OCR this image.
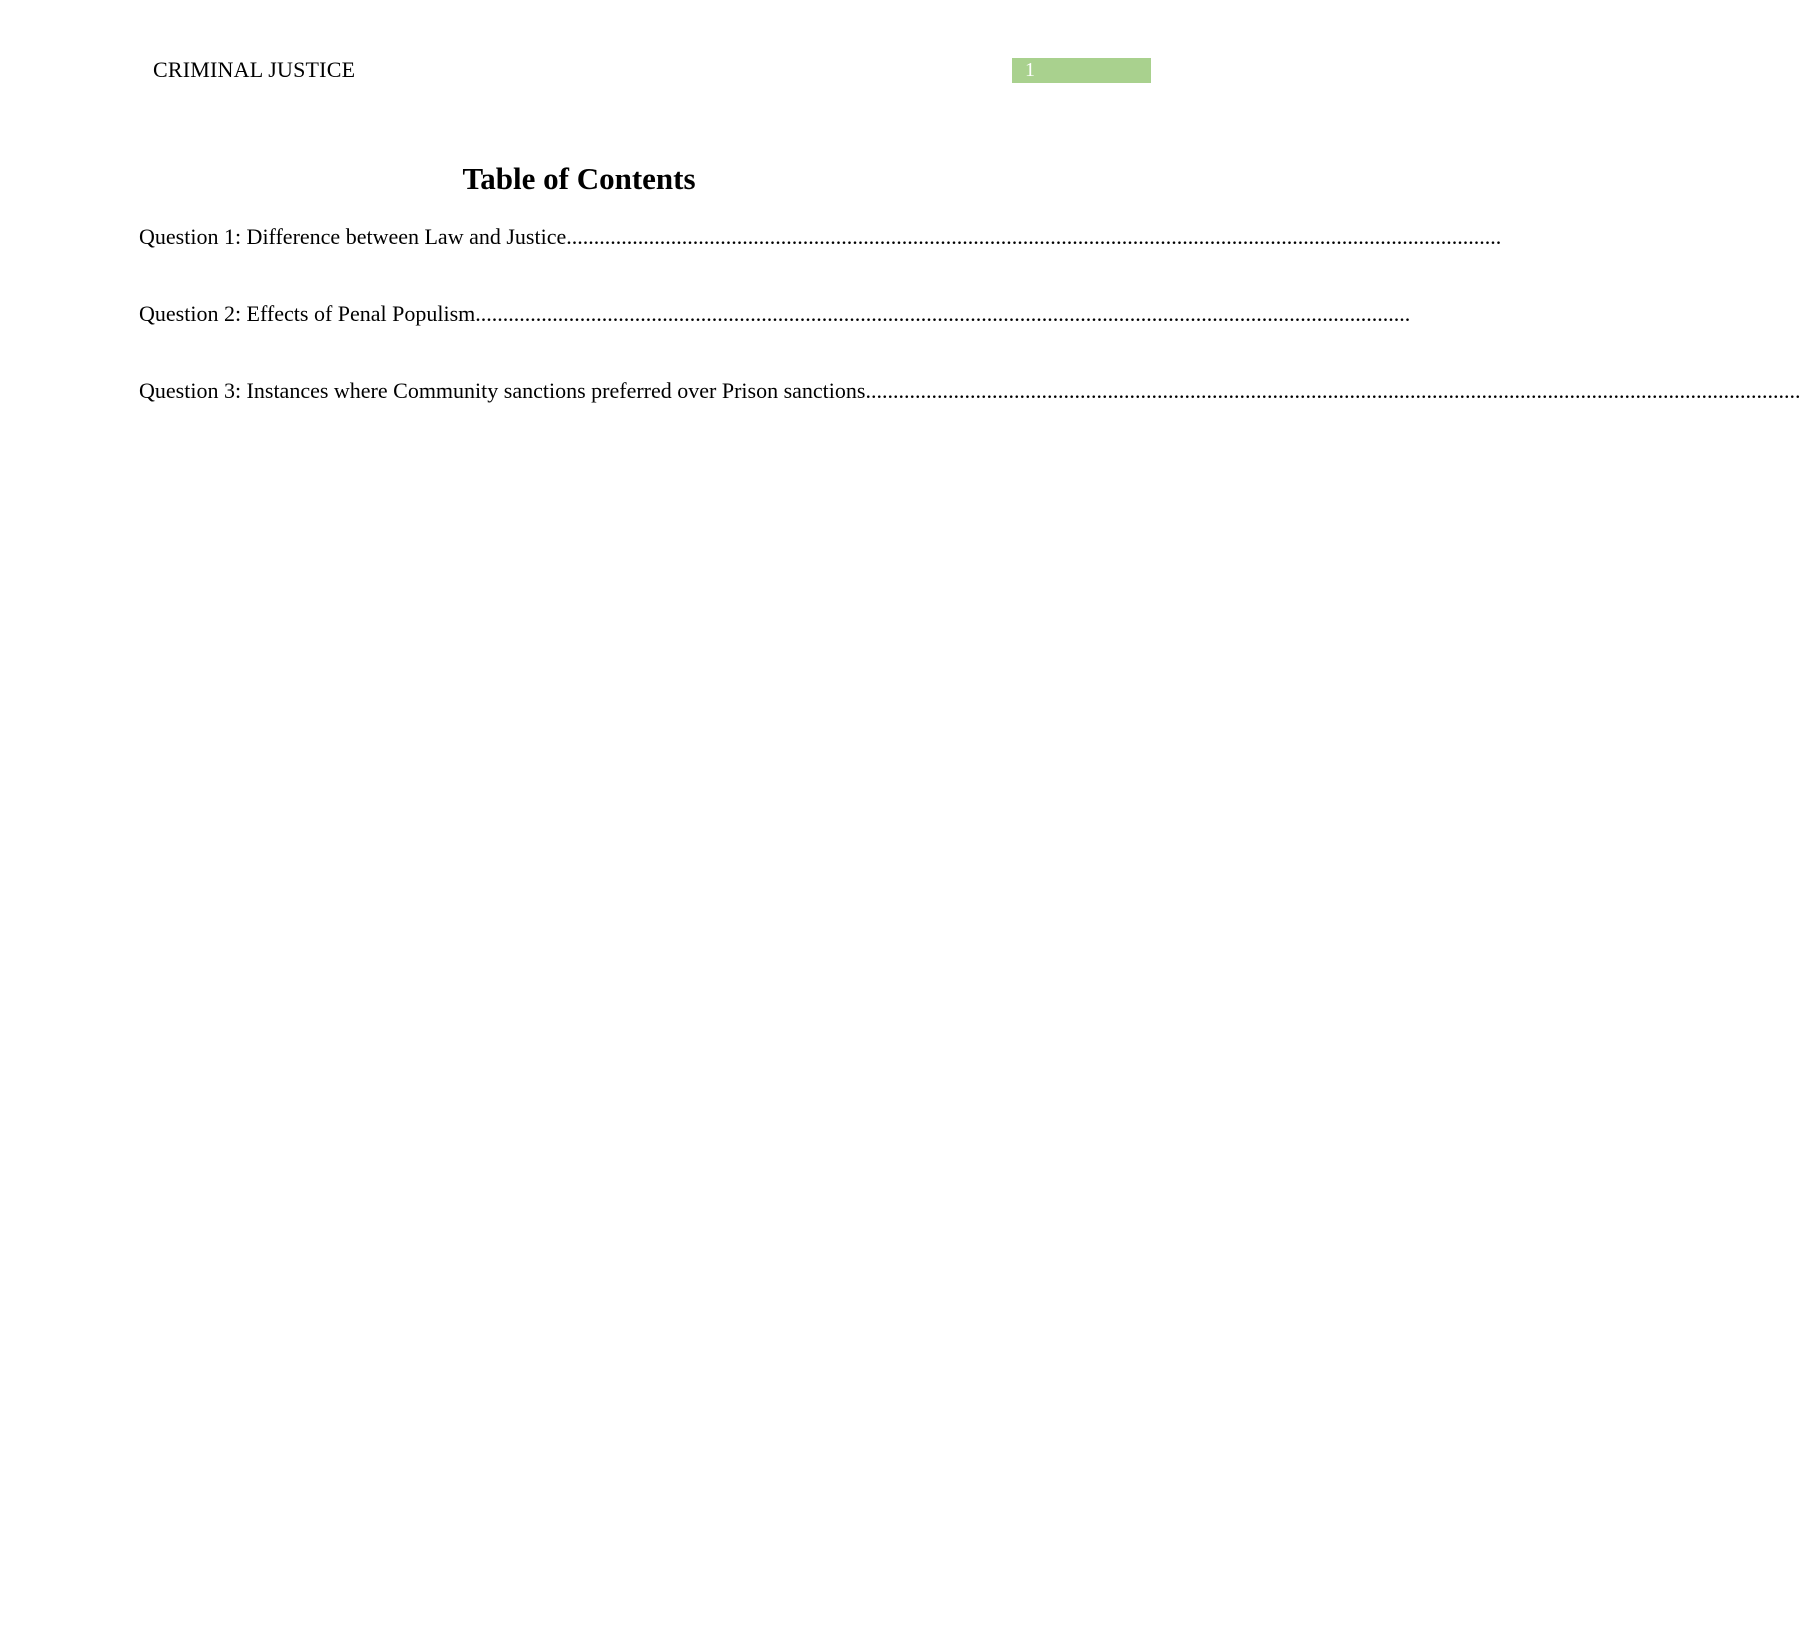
CRIMINAL JUSTICE	1
Table of Contents
Question 1: Difference between Law and Justice ..........................................................................................................................................................................
Question 2: Effects of Penal Populism ..........................................................................................................................................................................
Question 3: Instances where Community sanctions preferred over Prison sanctions ..........................................................................................................................................................................
